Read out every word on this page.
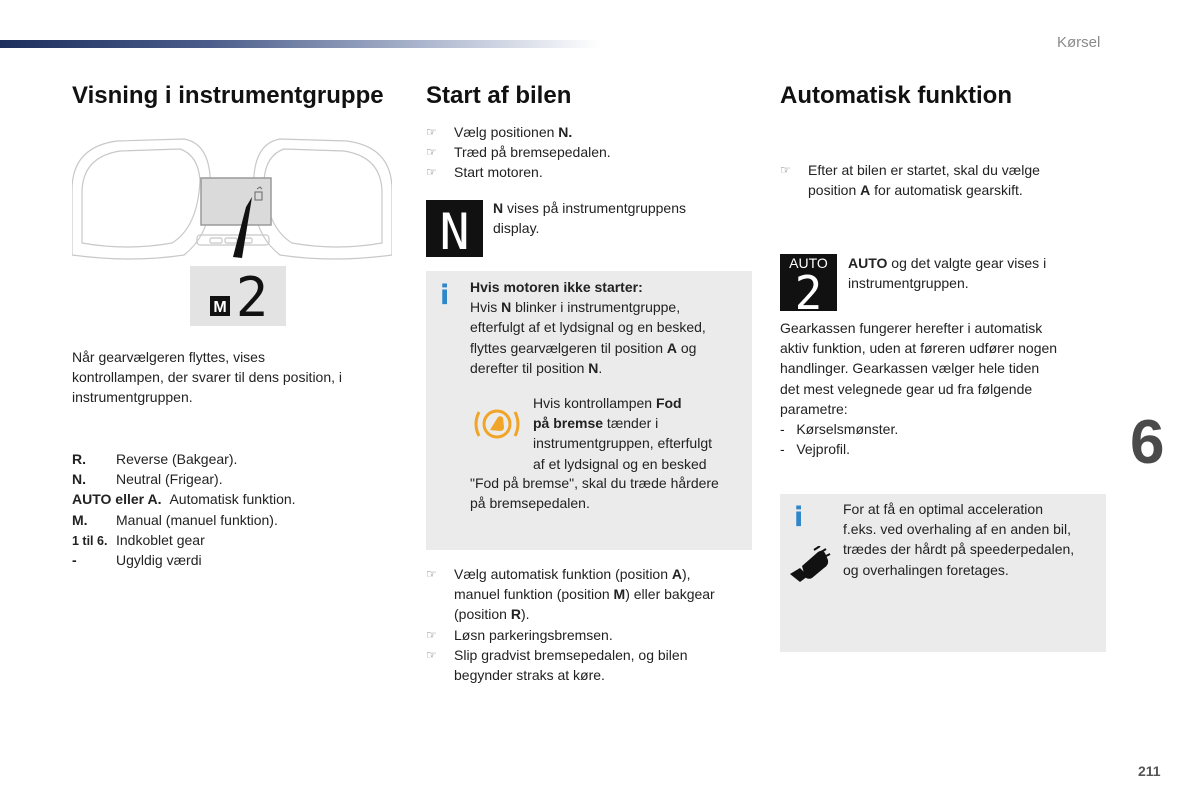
Kørsel
6
211
Visning i instrumentgruppe
M 2
Når gearvælgeren flyttes, vises
kontrollampen, der svarer til dens position, i
instrumentgruppen.
R. Reverse (Bakgear).
N. Neutral (Frigear).
AUTO eller A. Automatisk funktion.
M. Manual (manuel funktion).
1 til 6. Indkoblet gear
-	Ugyldig værdi
Start af bilen
☞ Vælg positionen N.
☞ Træd på bremsepedalen.
☞ Start motoren.
N N vises på instrumentgruppens
display.
i Hvis motoren ikke starter:
Hvis N blinker i instrumentgruppe,
efterfulgt af et lydsignal og en besked,
flyttes gearvælgeren til position A og
derefter til position N.
Hvis kontrollampen Fod
på bremse tænder i
instrumentgruppen, efterfulgt
af et lydsignal og en besked
"Fod på bremse", skal du træde hårdere
på bremsepedalen.
☞ Vælg automatisk funktion (position A),
manuel funktion (position M) eller bakgear
(position R).
☞ Løsn parkeringsbremsen.
☞ Slip gradvist bremsepedalen, og bilen
begynder straks at køre.
Automatisk funktion
☞ Efter at bilen er startet, skal du vælge
position A for automatisk gearskift.
AUTO
2
AUTO og det valgte gear vises i
instrumentgruppen.
Gearkassen fungerer herefter i automatisk
aktiv funktion, uden at føreren udfører nogen
handlinger. Gearkassen vælger hele tiden
det mest velegnede gear ud fra følgende
parametre:
-   Kørselsmønster.
-   Vejprofil.
i	For at få en optimal acceleration
f.eks. ved overhaling af en anden bil,
trædes der hårdt på speederpedalen,
og overhalingen foretages.
